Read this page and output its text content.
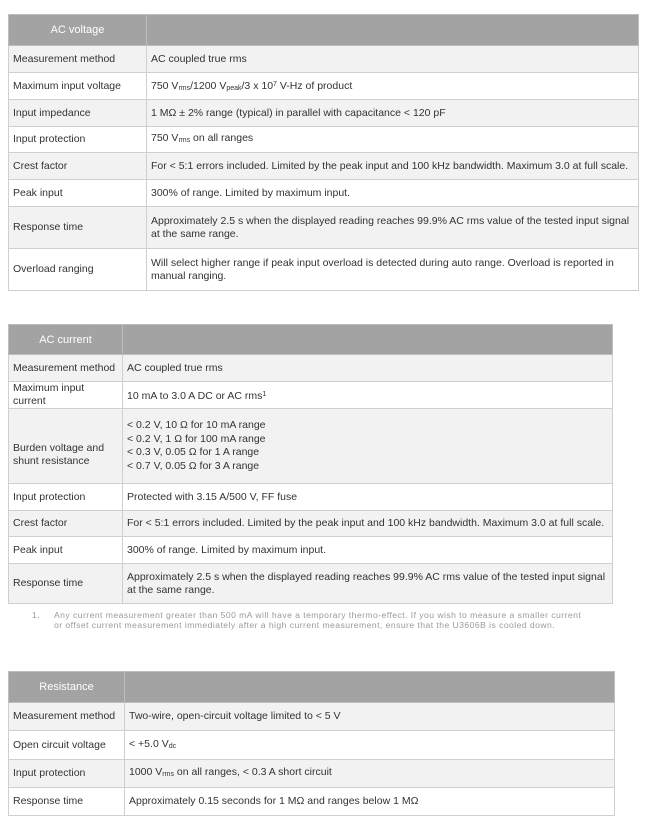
AC voltage	
Measurement method	AC coupled true rms
Maximum input voltage	750 $V_{rms}/1200$ $V_{peak}/3$ x $10^7$ V-Hz of product
Input impedance	1 MΩ ± 2% range (typical) in parallel with capacitance < 120 pF
Input protection	750 $V_{rms}$ on all ranges
Crest factor	For < 5:1 errors included. Limited by the peak input and 100 kHz bandwidth. Maximum 3.0 at full scale.
Peak input	300% of range. Limited by maximum input.
Response time	Approximately 2.5 s when the displayed reading reaches 99.9% AC rms value of the tested input signal at the same range.
Overload ranging	Will select higher range if peak input overload is detected during auto range. Overload is reported in manual ranging.
AC current	
Measurement method	AC coupled true rms
Maximum input current	10 mA to 3.0 A DC or AC rms$^1$

Burden voltage and
shunt resistance	< 0.2 V, 10 Ω for 10 mA range
< 0.2 V, 1 Ω for 100 mA range
< 0.3 V, 0.05 Ω for 1 A range
< 0.7 V, 0.05 Ω for 3 A range

Input protection	Protected with 3.15 A/500 V, FF fuse
Crest factor	For < 5:1 errors included. Limited by the peak input and 100 kHz bandwidth. Maximum 3.0 at full scale.
Peak input	300% of range. Limited by maximum input.
Response time	Approximately 2.5 s when the displayed reading reaches 99.9% AC rms value of the tested input signal at the same range.
1. Any current measurement greater than 500 mA will have a temporary thermo-effect. If you wish to measure a smaller current or offset current measurement immediately after a high current measurement, ensure that the U3606B is cooled down.
Resistance	
Measurement method	Two-wire, open-circuit voltage limited to < 5 V
Open circuit voltage	< +5.0 $V_{dc}$
Input protection	1000 $V_{rms}$ on all ranges, < 0.3 A short circuit
Response time	Approximately 0.15 seconds for 1 MΩ and ranges below 1 MΩ
